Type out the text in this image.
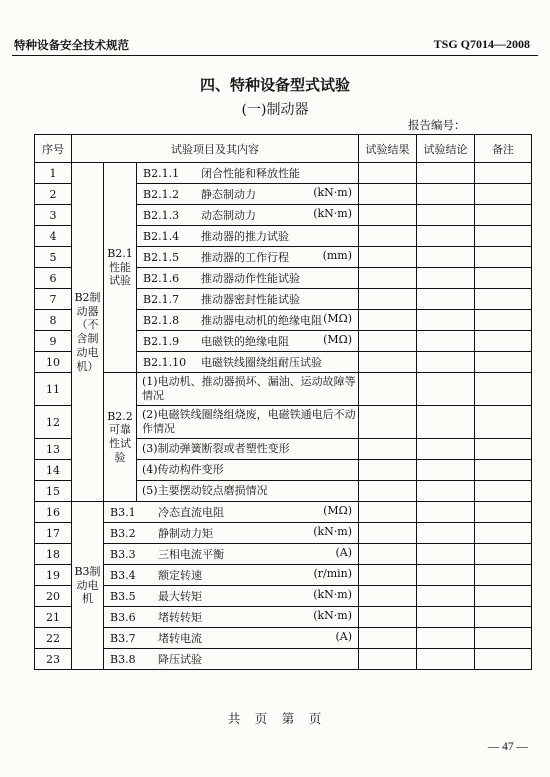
特种设备安全技术规范	TSG Q7014—2008
四、特种设备型式试验
(一)制动器
报告编号：
序号	试验项目及其内容			试验结果	试验结论	备注
1	B2制动器（不含制动电机）	B2.1性能试验	B2.1.1 闭合性能和释放性能			
2			B2.1.2 静态制动力 (kN·m)			

3			B2.1.3 动态制动力 (kN·m)			

4			B2.1.4 推动器的推力试验			
5			B2.1.5 推动器的工作行程 (mm)			

6			B2.1.6 推动器动作性能试验			
7			B2.1.7 推动器密封性能试验			
8			B2.1.8 推动器电动机的绝缘电阻 (MΩ)			

9			B2.1.9 电磁铁的绝缘电阻 (MΩ)			

10			B2.1.10 电磁铁线圈绕组耐压试验			
11		B2.2可靠性试验	(1)电动机、推动器损坏、漏油、运动故障等情况			
12			(2)电磁铁线圈绕组烧废，电磁铁通电后不动作情况			
13			(3)制动弹簧断裂或者塑性变形			
14			(4)传动构件变形			
15			(5)主要摆动铰点磨损情况			
16	B3制动电机	B3.1 冷态直流电阻 (MΩ)				

17		B3.2 静制动力矩 (kN·m)				

18		B3.3 三相电流平衡 (A)				

19		B3.4 额定转速 (r/min)				

20		B3.5 最大转矩 (kN·m)				

21		B3.6 堵转转矩 (kN·m)				

22		B3.7 堵转电流 (A)				

23		B3.8 降压试验				
共　页　第　页
— 47 —
